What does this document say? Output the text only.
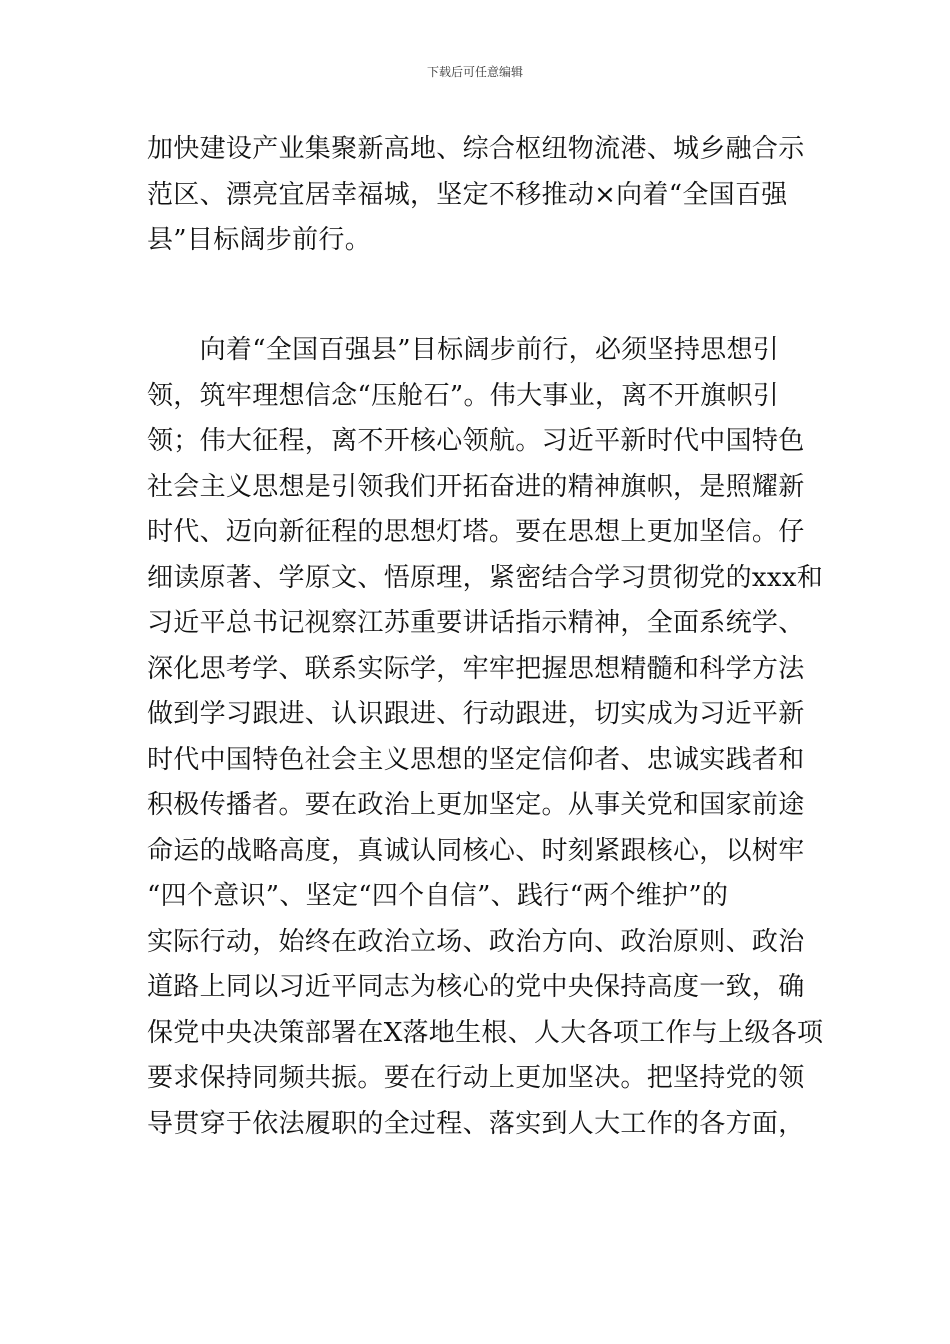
下载后可任意编辑

加快建设产业集聚新高地、综合枢纽物流港、城乡融合示
范区、漂亮宜居幸福城，坚定不移推动×向着“全国百强
县”目标阔步前行。

　　向着“全国百强县”目标阔步前行，必须坚持思想引
领，筑牢理想信念“压舱石”。伟大事业，离不开旗帜引
领；伟大征程，离不开核心领航。习近平新时代中国特色
社会主义思想是引领我们开拓奋进的精神旗帜，是照耀新
时代、迈向新征程的思想灯塔。要在思想上更加坚信。仔
细读原著、学原文、悟原理，紧密结合学习贯彻党的xxx和
习近平总书记视察江苏重要讲话指示精神，全面系统学、
深化思考学、联系实际学，牢牢把握思想精髓和科学方法
做到学习跟进、认识跟进、行动跟进，切实成为习近平新
时代中国特色社会主义思想的坚定信仰者、忠诚实践者和
积极传播者。要在政治上更加坚定。从事关党和国家前途
命运的战略高度，真诚认同核心、时刻紧跟核心，以树牢
“四个意识”、坚定“四个自信”、践行“两个维护”的
实际行动，始终在政治立场、政治方向、政治原则、政治
道路上同以习近平同志为核心的党中央保持高度一致，确
保党中央决策部署在X落地生根、人大各项工作与上级各项
要求保持同频共振。要在行动上更加坚决。把坚持党的领
导贯穿于依法履职的全过程、落实到人大工作的各方面，
